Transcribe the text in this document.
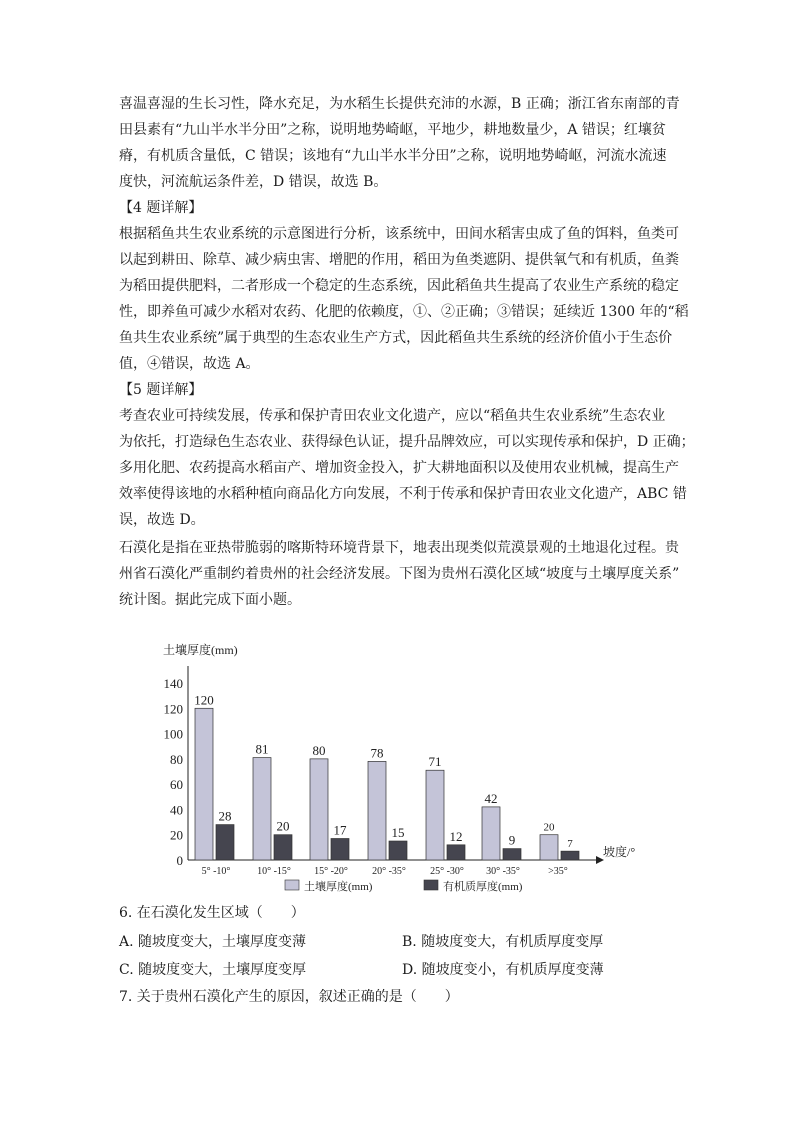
喜温喜湿的生长习性，降水充足，为水稻生长提供充沛的水源，B 正确；浙江省东南部的青
田县素有“九山半水半分田”之称，说明地势崎岖，平地少，耕地数量少，A 错误；红壤贫
瘠，有机质含量低，C 错误；该地有“九山半水半分田”之称，说明地势崎岖，河流水流速
度快，河流航运条件差，D 错误，故选 B。
【4 题详解】
根据稻鱼共生农业系统的示意图进行分析，该系统中，田间水稻害虫成了鱼的饵料，鱼类可
以起到耕田、除草、减少病虫害、增肥的作用，稻田为鱼类遮阴、提供氧气和有机质，鱼粪
为稻田提供肥料，二者形成一个稳定的生态系统，因此稻鱼共生提高了农业生产系统的稳定
性，即养鱼可减少水稻对农药、化肥的依赖度，①、②正确；③错误；延续近 1300 年的“稻
鱼共生农业系统”属于典型的生态农业生产方式，因此稻鱼共生系统的经济价值小于生态价
值，④错误，故选 A。
【5 题详解】
考查农业可持续发展，传承和保护青田农业文化遗产，应以“稻鱼共生农业系统”生态农业
为依托，打造绿色生态农业、获得绿色认证，提升品牌效应，可以实现传承和保护，D 正确；
多用化肥、农药提高水稻亩产、增加资金投入，扩大耕地面积以及使用农业机械，提高生产
效率使得该地的水稻种植向商品化方向发展，不利于传承和保护青田农业文化遗产，ABC 错
误，故选 D。
石漠化是指在亚热带脆弱的喀斯特环境背景下，地表出现类似荒漠景观的土地退化过程。贵
州省石漠化严重制约着贵州的社会经济发展。下图为贵州石漠化区域“坡度与土壤厚度关系”
统计图。据此完成下面小题。
土壤厚度(mm)
坡度/°
0
20
40
60
80
100
120
140
120
28
81
20
80
17
78
15
71
12
42
9
20
7
5° -10°	10° -15° 15° -20° 20° -35° 25° -30° 30° -35°	>35°
土壤厚度(mm)	有机质厚度(mm)
6. 在石漠化发生区域（　　）
A. 随坡度变大，土壤厚度变薄	B. 随坡度变大，有机质厚度变厚
C. 随坡度变大，土壤厚度变厚	D. 随坡度变小，有机质厚度变薄
7. 关于贵州石漠化产生的原因，叙述正确的是（　　）
